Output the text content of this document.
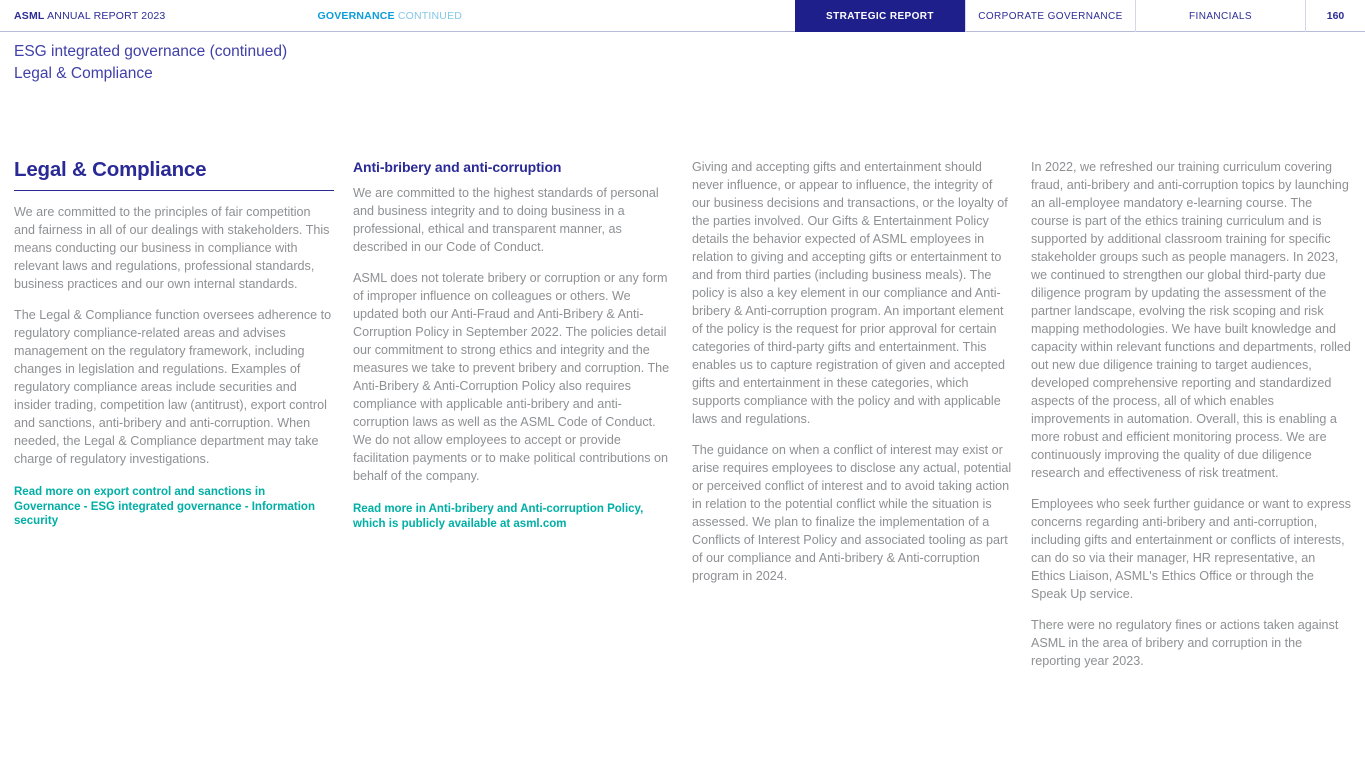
ASML ANNUAL REPORT 2023	GOVERNANCE CONTINUED	STRATEGIC REPORT	CORPORATE GOVERNANCE	FINANCIALS	160
ESG integrated governance (continued)
Legal & Compliance
Legal & Compliance

We are committed to the principles of fair competition and fairness in all of our dealings with stakeholders. This means conducting our business in compliance with relevant laws and regulations, professional standards, business practices and our own internal standards.

The Legal & Compliance function oversees adherence to regulatory compliance-related areas and advises management on the regulatory framework, including changes in legislation and regulations. Examples of regulatory compliance areas include securities and insider trading, competition law (antitrust), export control and sanctions, anti-bribery and anti-corruption. When needed, the Legal & Compliance department may take charge of regulatory investigations.

Read more on export control and sanctions in Governance - ESG integrated governance - Information security
Anti-bribery and anti-corruption

We are committed to the highest standards of personal and business integrity and to doing business in a professional, ethical and transparent manner, as described in our Code of Conduct.

ASML does not tolerate bribery or corruption or any form of improper influence on colleagues or others. We updated both our Anti-Fraud and Anti-Bribery & Anti-Corruption Policy in September 2022. The policies detail our commitment to strong ethics and integrity and the measures we take to prevent bribery and corruption. The Anti-Bribery & Anti-Corruption Policy also requires compliance with applicable anti-bribery and anti-corruption laws as well as the ASML Code of Conduct. We do not allow employees to accept or provide facilitation payments or to make political contributions on behalf of the company.

Read more in Anti-bribery and Anti-corruption Policy, which is publicly available at asml.com

Giving and accepting gifts and entertainment should never influence, or appear to influence, the integrity of our business decisions and transactions, or the loyalty of the parties involved. Our Gifts & Entertainment Policy details the behavior expected of ASML employees in relation to giving and accepting gifts or entertainment to and from third parties (including business meals). The policy is also a key element in our compliance and Anti-bribery & Anti-corruption program. An important element of the policy is the request for prior approval for certain categories of third-party gifts and entertainment. This enables us to capture registration of given and accepted gifts and entertainment in these categories, which supports compliance with the policy and with applicable laws and regulations.

The guidance on when a conflict of interest may exist or arise requires employees to disclose any actual, potential or perceived conflict of interest and to avoid taking action in relation to the potential conflict while the situation is assessed. We plan to finalize the implementation of a Conflicts of Interest Policy and associated tooling as part of our compliance and Anti-bribery & Anti-corruption program in 2024.

In 2022, we refreshed our training curriculum covering fraud, anti-bribery and anti-corruption topics by launching an all-employee mandatory e-learning course. The course is part of the ethics training curriculum and is supported by additional classroom training for specific stakeholder groups such as people managers. In 2023, we continued to strengthen our global third-party due diligence program by updating the assessment of the partner landscape, evolving the risk scoping and risk mapping methodologies. We have built knowledge and capacity within relevant functions and departments, rolled out new due diligence training to target audiences, developed comprehensive reporting and standardized aspects of the process, all of which enables improvements in automation. Overall, this is enabling a more robust and efficient monitoring process. We are continuously improving the quality of due diligence research and effectiveness of risk treatment.

Employees who seek further guidance or want to express concerns regarding anti-bribery and anti-corruption, including gifts and entertainment or conflicts of interests, can do so via their manager, HR representative, an Ethics Liaison, ASML's Ethics Office or through the Speak Up service.

There were no regulatory fines or actions taken against ASML in the area of bribery and corruption in the reporting year 2023.
